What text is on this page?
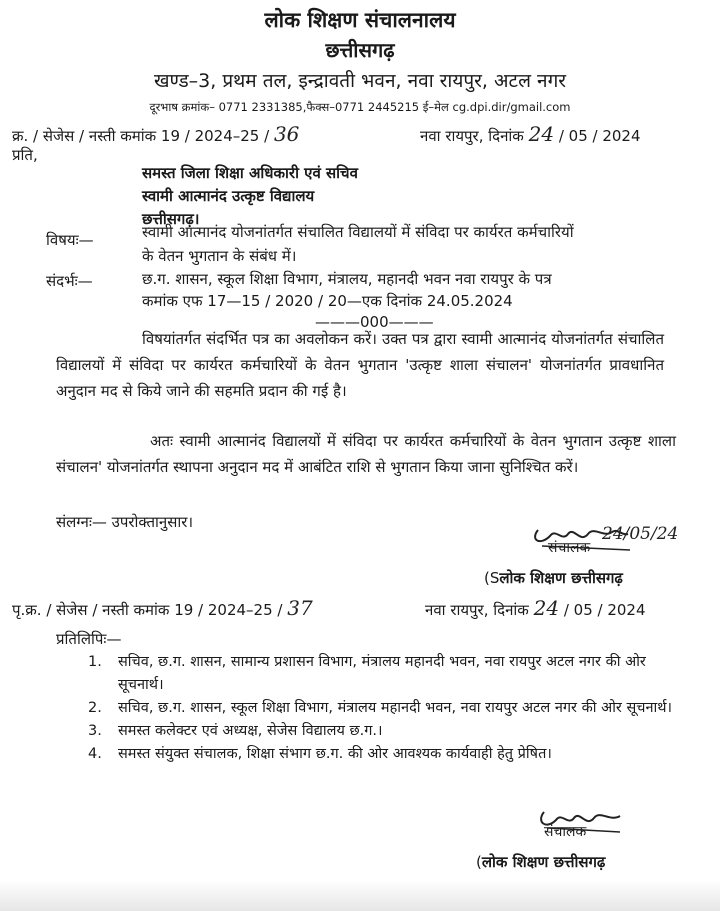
लोक शिक्षण संचालनालय
छत्तीसगढ़
खण्ड–3, प्रथम तल, इन्द्रावती भवन, नवा रायपुर, अटल नगर
दूरभाष क्रमांक– 0771 2331385,फैक्स–0771 2445215 ई–मेल cg.dpi.dir/gmail.com
क्र. / सेजेस / नस्ती कमांक 19 / 2024–25 / 36	नवा रायपुर, दिनांक 24 / 05 / 2024
प्रति,
समस्त जिला शिक्षा अधिकारी एवं सचिव
स्वामी आत्मानंद उत्कृष्ट विद्यालय
छत्तीसगढ़।
विषयः—	स्वामी आत्मानंद योजनांतर्गत संचालित विद्यालयों में संविदा पर कार्यरत कर्मचारियों
के वेतन भुगतान के संबंध में।
संदर्भः—	छ.ग. शासन, स्कूल शिक्षा विभाग, मंत्रालय, महानदी भवन नवा रायपुर के पत्र
कमांक एफ 17—15 / 2020 / 20—एक दिनांक 24.05.2024
———000———
विषयांतर्गत संदर्भित पत्र का अवलोकन करें। उक्त पत्र द्वारा स्वामी आत्मानंद योजनांतर्गत संचालित विद्यालयों में संविदा पर कार्यरत कर्मचारियों के वेतन भुगतान 'उत्कृष्ट शाला संचालन' योजनांतर्गत प्रावधानित अनुदान मद से किये जाने की सहमति प्रदान की गई है।
अतः स्वामी आत्मानंद विद्यालयों में संविदा पर कार्यरत कर्मचारियों के वेतन भुगतान उत्कृष्ट शाला संचालन' योजनांतर्गत स्थापना अनुदान मद में आबंटित राशि से भुगतान किया जाना सुनिश्चित करें।
संलग्नः— उपरोक्तानुसार।
24/05/24
संचालक
(Sलोक शिक्षण छत्तीसगढ़
पृ.क्र. / सेजेस / नस्ती कमांक 19 / 2024–25 / 37	नवा रायपुर, दिनांक 24 / 05 / 2024
प्रतिलिपिः—
1. सचिव, छ.ग. शासन, सामान्य प्रशासन विभाग, मंत्रालय महानदी भवन, नवा रायपुर अटल नगर की ओर सूचनार्थ।
2. सचिव, छ.ग. शासन, स्कूल शिक्षा विभाग, मंत्रालय महानदी भवन, नवा रायपुर अटल नगर की ओर सूचनार्थ।
3. समस्त कलेक्टर एवं अध्यक्ष, सेजेस विद्यालय छ.ग.।
4. समस्त संयुक्त संचालक, शिक्षा संभाग छ.ग. की ओर आवश्यक कार्यवाही हेतु प्रेषित।
संचालक
(लोक शिक्षण छत्तीसगढ़
